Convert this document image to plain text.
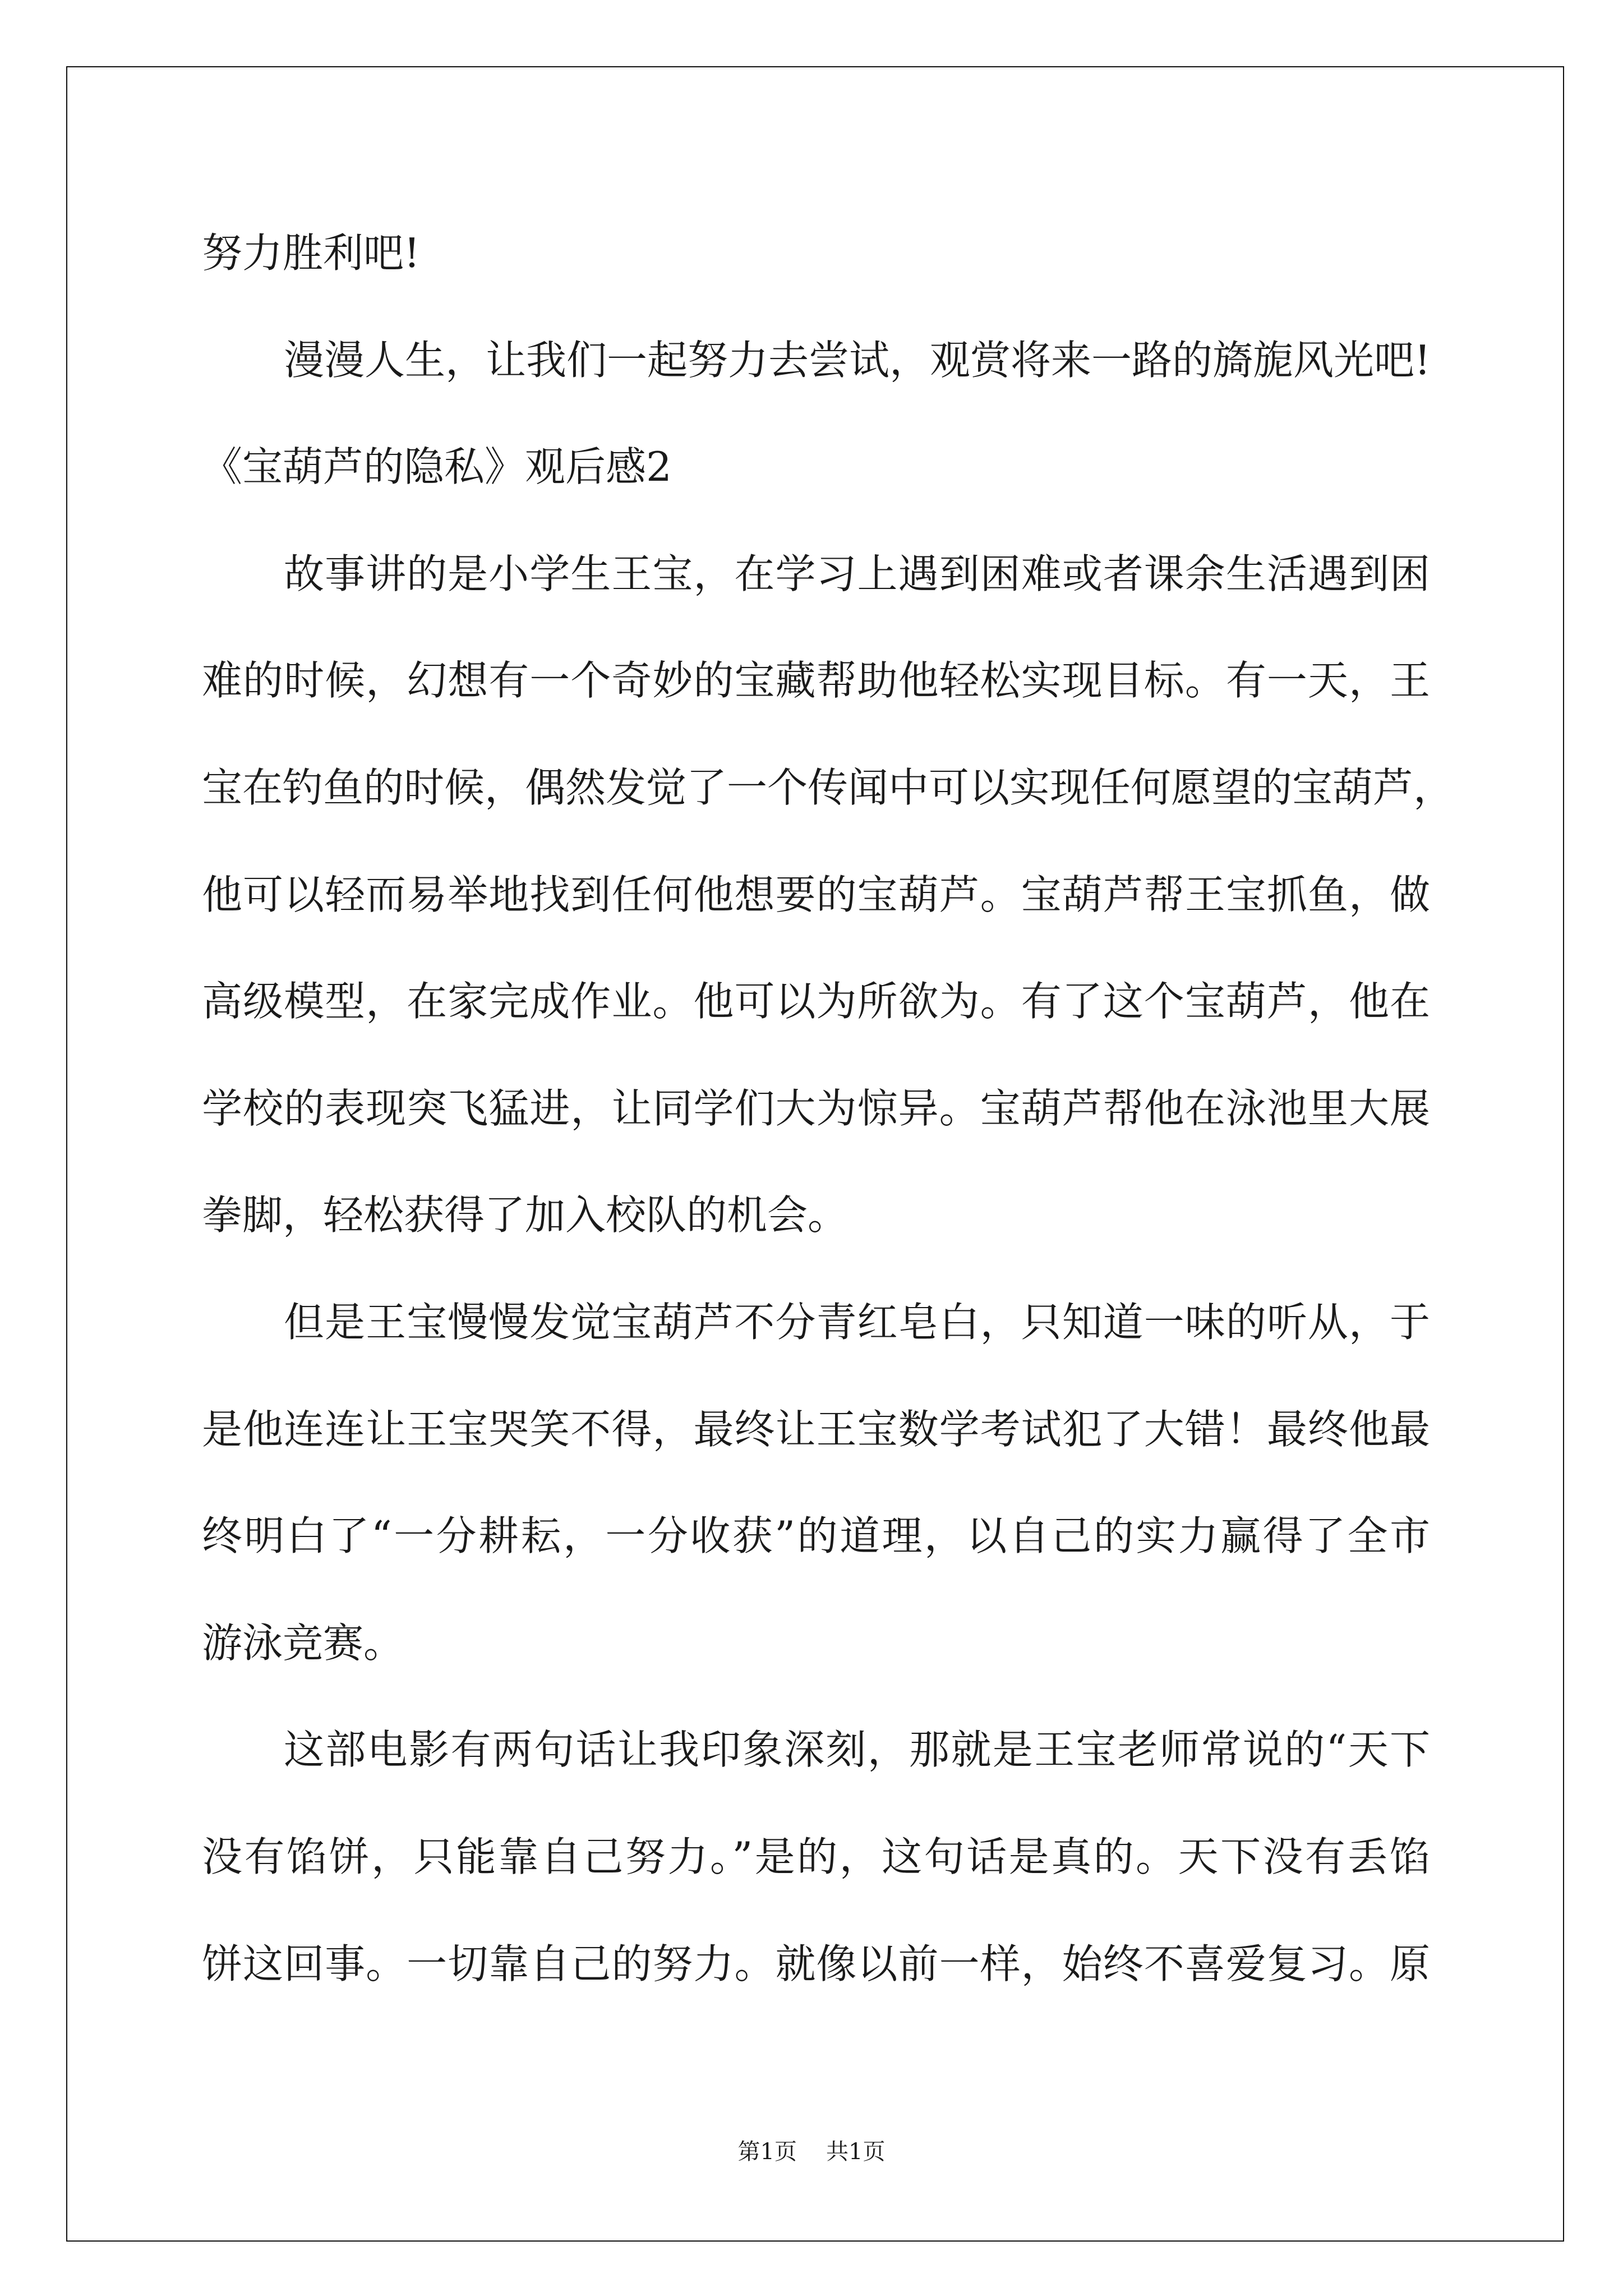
努力胜利吧!
漫漫人生，让我们一起努力去尝试，观赏将来一路的旖旎风光吧!
《宝葫芦的隐私》观后感2
故事讲的是小学生王宝，在学习上遇到困难或者课余生活遇到困
难的时候，幻想有一个奇妙的宝藏帮助他轻松实现目标。有一天，王
宝在钓鱼的时候，偶然发觉了一个传闻中可以实现任何愿望的宝葫芦，
他可以轻而易举地找到任何他想要的宝葫芦。宝葫芦帮王宝抓鱼，做
高级模型，在家完成作业。他可以为所欲为。有了这个宝葫芦，他在
学校的表现突飞猛进，让同学们大为惊异。宝葫芦帮他在泳池里大展
拳脚，轻松获得了加入校队的机会。
但是王宝慢慢发觉宝葫芦不分青红皂白，只知道一味的听从，于
是他连连让王宝哭笑不得，最终让王宝数学考试犯了大错！最终他最
终明白了“一分耕耘，一分收获”的道理，以自己的实力赢得了全市
游泳竞赛。
这部电影有两句话让我印象深刻，那就是王宝老师常说的“天下
没有馅饼，只能靠自己努力。”是的，这句话是真的。天下没有丢馅
饼这回事。一切靠自己的努力。就像以前一样，始终不喜爱复习。原
第1页 共1页
